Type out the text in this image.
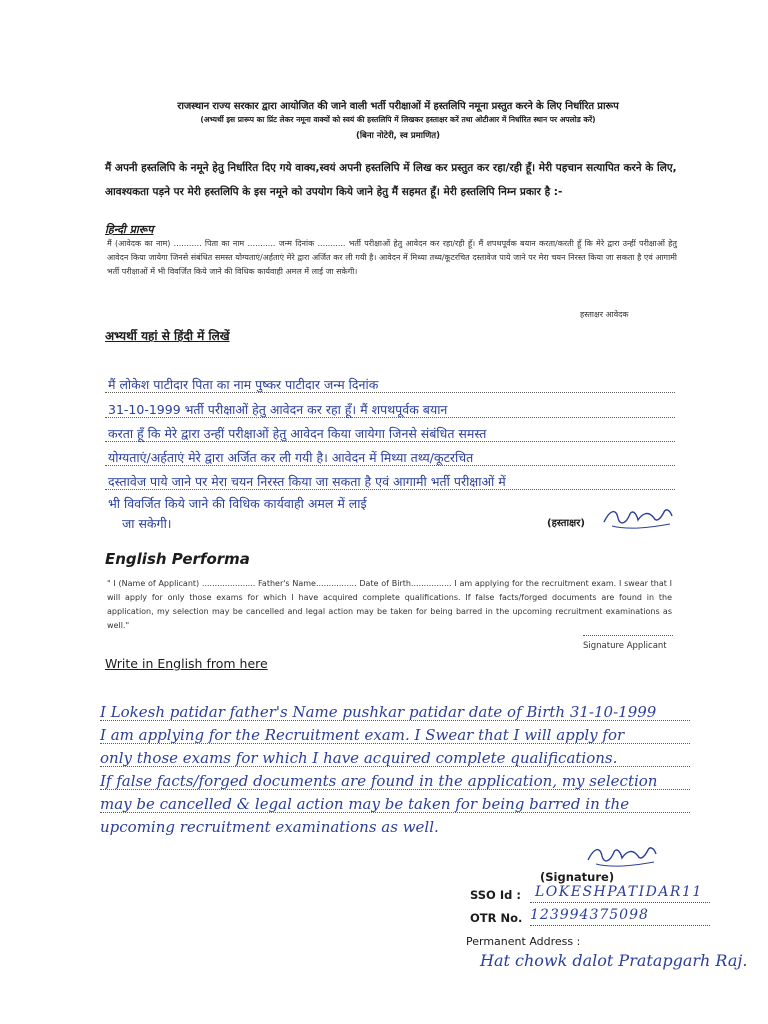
राजस्थान राज्य सरकार द्वारा आयोजित की जाने वाली भर्ती परीक्षाओं में हस्तलिपि नमूना प्रस्तुत करने के लिए निर्धारित प्रारूप
(अभ्यर्थी इस प्रारूप का प्रिंट लेकर नमूना वाक्यों को स्वयं की हस्तलिपि में लिखकर हस्ताक्षर करें तथा ओटीआर में निर्धारित स्थान पर अपलोड करें)
(बिना नोटेरी, स्व प्रमाणित)
मैं अपनी हस्तलिपि के नमूने हेतु निर्धारित दिए गये वाक्य,स्वयं अपनी हस्तलिपि में लिख कर प्रस्तुत कर रहा/रही हूँ। मेरी पहचान सत्यापित करने के लिए, आवश्यकता पड़ने पर मेरी हस्तलिपि के इस नमूने को उपयोग किये जाने हेतु मैं सहमत हूँ। मेरी हस्तलिपि निम्न प्रकार है :-
हिन्दी प्रारूप
मैं (आवेदक का नाम) ........... पिता का नाम ........... जन्म दिनांक ........... भर्ती परीक्षाओं हेतु आवेदन कर रहा/रही हूँ। मैं शपथपूर्वक बयान करता/करती हूँ कि मेरे द्वारा उन्हीं परीक्षाओं हेतु आवेदन किया जायेगा जिनसे संबंधित समस्त योग्यताएं/अर्हताएं मेरे द्वारा अर्जित कर ली गयी है। आवेदन में मिथ्या तथ्य/कूटरचित दस्तावेज पाये जाने पर मेरा चयन निरस्त किया जा सकता है एवं आगामी भर्ती परीक्षाओं में भी विवर्जित किये जाने की विधिक कार्यवाही अमल में लाई जा सकेगी।
हस्ताक्षर आवेदक
अभ्यर्थी यहां से हिंदी में लिखें
मैं लोकेश पाटीदार पिता का नाम पुष्कर पाटीदार जन्म दिनांक
31-10-1999 भर्ती परीक्षाओं हेतु आवेदन कर रहा हूँ। मैं शपथपूर्वक बयान
करता हूँ कि मेरे द्वारा उन्हीं परीक्षाओं हेतु आवेदन किया जायेगा जिनसे संबंधित समस्त
योग्यताएं/अर्हताएं मेरे द्वारा अर्जित कर ली गयी है। आवेदन में मिथ्या तथ्य/कूटरचित
दस्तावेज पाये जाने पर मेरा चयन निरस्त किया जा सकता है एवं आगामी भर्ती परीक्षाओं में
भी विवर्जित किये जाने की विधिक कार्यवाही अमल में लाई
जा सकेगी।	(हस्ताक्षर)
English Performa
" I (Name of Applicant) ..................... Father's Name................ Date of Birth................ I am applying for the recruitment exam. I swear that I will apply for only those exams for which I have acquired complete qualifications. If false facts/forged documents are found in the application, my selection may be cancelled and legal action may be taken for being barred in the upcoming recruitment examinations as well."
Signature Applicant
Write in English from here
I Lokesh patidar father's Name pushkar patidar date of Birth 31-10-1999
I am applying for the Recruitment exam. I Swear that I will apply for
only those exams for which I have acquired complete qualifications.
If false facts/forged documents are found in the application, my selection
may be cancelled & legal action may be taken for being barred in the
upcoming recruitment examinations as well.
(Signature)
SSO Id : LOKESHPATIDAR11
OTR No. 123994375098
Permanent Address :
Hat chowk dalot Pratapgarh Raj.
